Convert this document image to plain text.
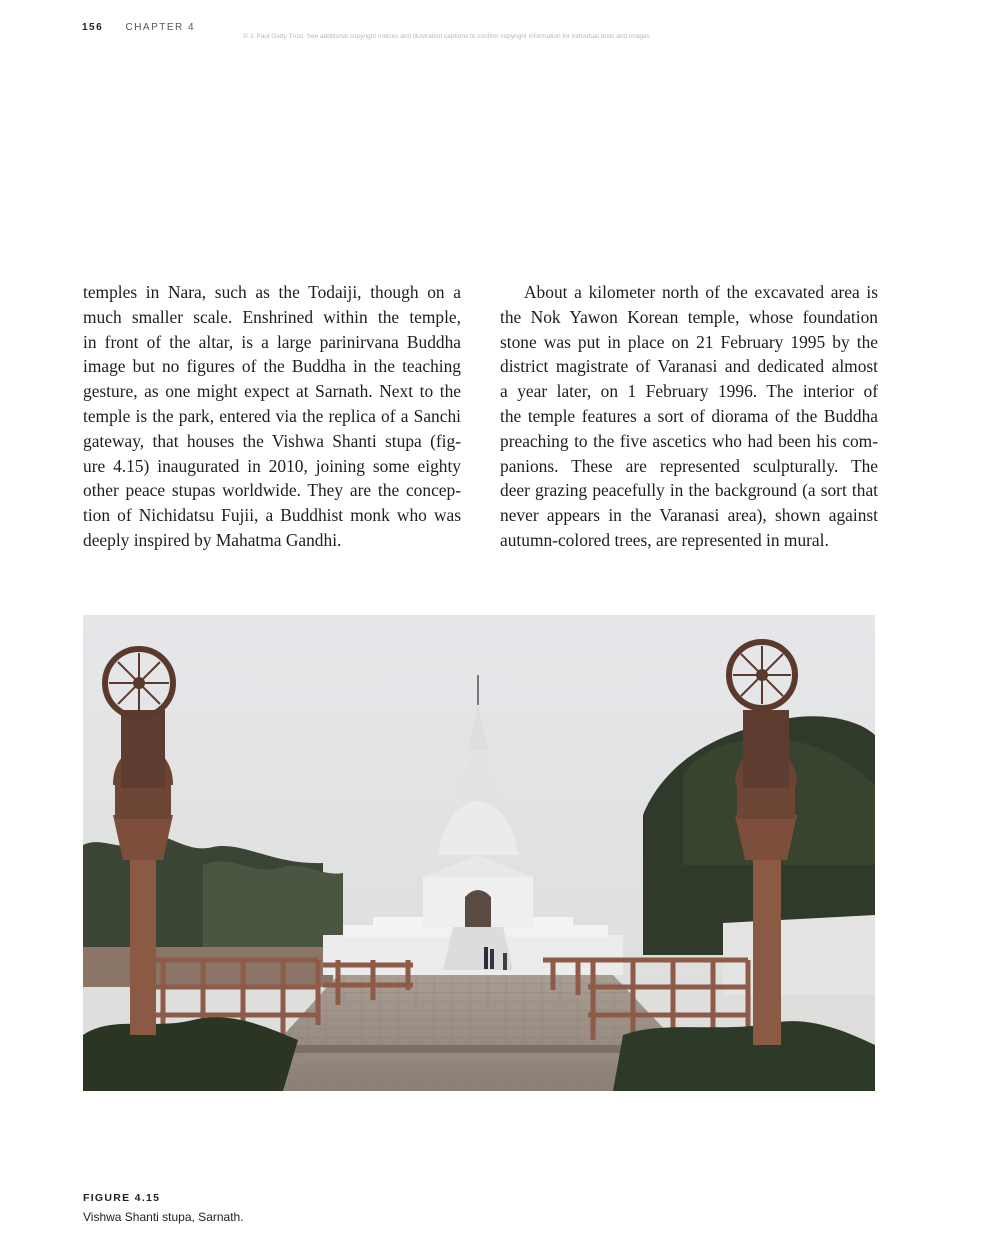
156 CHAPTER 4
© J. Paul Getty Trust. See additional copyright notices and illustration captions to confirm copyright information for individual texts and images

temples in Nara, such as the Todaiji, though on a
much smaller scale. Enshrined within the temple,
in front of the altar, is a large parinirvana Buddha
image but no figures of the Buddha in the teaching
gesture, as one might expect at Sarnath. Next to the
temple is the park, entered via the replica of a Sanchi
gateway, that houses the Vishwa Shanti stupa (fig-
ure 4.15) inaugurated in 2010, joining some eighty
other peace stupas worldwide. They are the concep-
tion of Nichidatsu Fujii, a Buddhist monk who was
deeply inspired by Mahatma Gandhi.

About a kilometer north of the excavated area is
the Nok Yawon Korean temple, whose foundation
stone was put in place on 21 February 1995 by the
district magistrate of Varanasi and dedicated almost
a year later, on 1 February 1996. The interior of
the temple features a sort of diorama of the Buddha
preaching to the five ascetics who had been his com-
panions. These are represented sculpturally. The
deer grazing peacefully in the background (a sort that
never appears in the Varanasi area), shown against
autumn-colored trees, are represented in mural.

FIGURE 4.15
Vishwa Shanti stupa, Sarnath.
